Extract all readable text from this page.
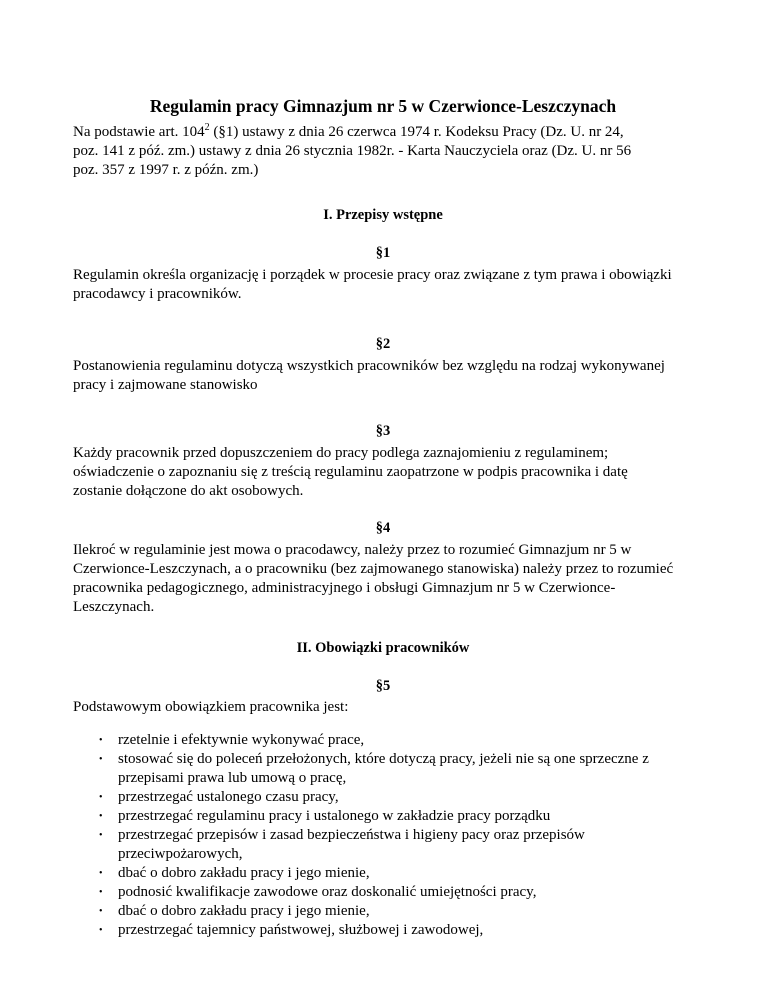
Regulamin pracy Gimnazjum nr 5 w Czerwionce-Leszczynach
Na podstawie art. $104^2$ (§1) ustawy z dnia 26 czerwca 1974 r. Kodeksu Pracy (Dz. U. nr 24,
poz. 141 z póź. zm.) ustawy z dnia 26 stycznia 1982r. - Karta Nauczyciela oraz (Dz. U. nr 56
poz. 357 z 1997 r. z późn. zm.)
I. Przepisy wstępne
§1
Regulamin określa organizację i porządek w procesie pracy oraz związane z tym prawa i obowiązki
pracodawcy i pracowników.
§2
Postanowienia regulaminu dotyczą wszystkich pracowników bez względu na rodzaj wykonywanej
pracy i zajmowane stanowisko
§3
Każdy pracownik przed dopuszczeniem do pracy podlega zaznajomieniu z regulaminem;
oświadczenie o zapoznaniu się z treścią regulaminu zaopatrzone w podpis pracownika i datę
zostanie dołączone do akt osobowych.
§4
Ilekroć w regulaminie jest mowa o pracodawcy, należy przez to rozumieć Gimnazjum nr 5 w
Czerwionce-Leszczynach, a o pracowniku (bez zajmowanego stanowiska) należy przez to rozumieć
pracownika pedagogicznego, administracyjnego i obsługi Gimnazjum nr 5 w Czerwionce-
Leszczynach.
II. Obowiązki pracowników
§5
Podstawowym obowiązkiem pracownika jest:
• rzetelnie i efektywnie wykonywać prace,
• stosować się do poleceń przełożonych, które dotyczą pracy, jeżeli nie są one sprzeczne z
przepisami prawa lub umową o pracę,
• przestrzegać ustalonego czasu pracy,
• przestrzegać regulaminu pracy i ustalonego w zakładzie pracy porządku
• przestrzegać przepisów i zasad bezpieczeństwa i higieny pacy oraz przepisów
przeciwpożarowych,
• dbać o dobro zakładu pracy i jego mienie,
• podnosić kwalifikacje zawodowe oraz doskonalić umiejętności pracy,
• dbać o dobro zakładu pracy i jego mienie,
• przestrzegać tajemnicy państwowej, służbowej i zawodowej,
